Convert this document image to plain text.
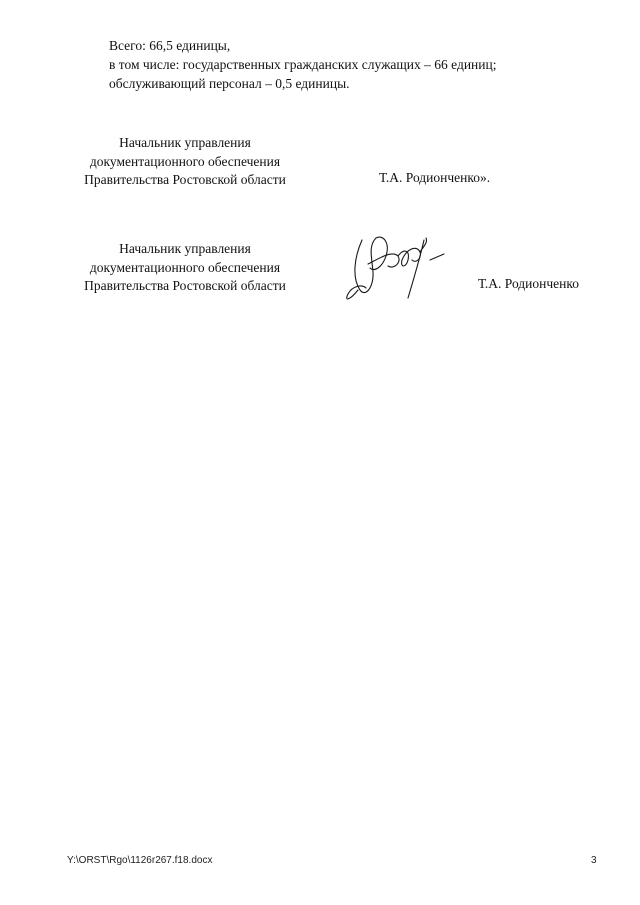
Всего: 66,5 единицы,
в том числе: государственных гражданских служащих – 66 единиц;
обслуживающий персонал – 0,5 единицы.
Начальник управления
документационного обеспечения
Правительства Ростовской области	Т.А. Родионченко».
Начальник управления
документационного обеспечения
Правительства Ростовской области	Т.А. Родионченко
Y:\ORST\Rgo\1126r267.f18.docx	3
